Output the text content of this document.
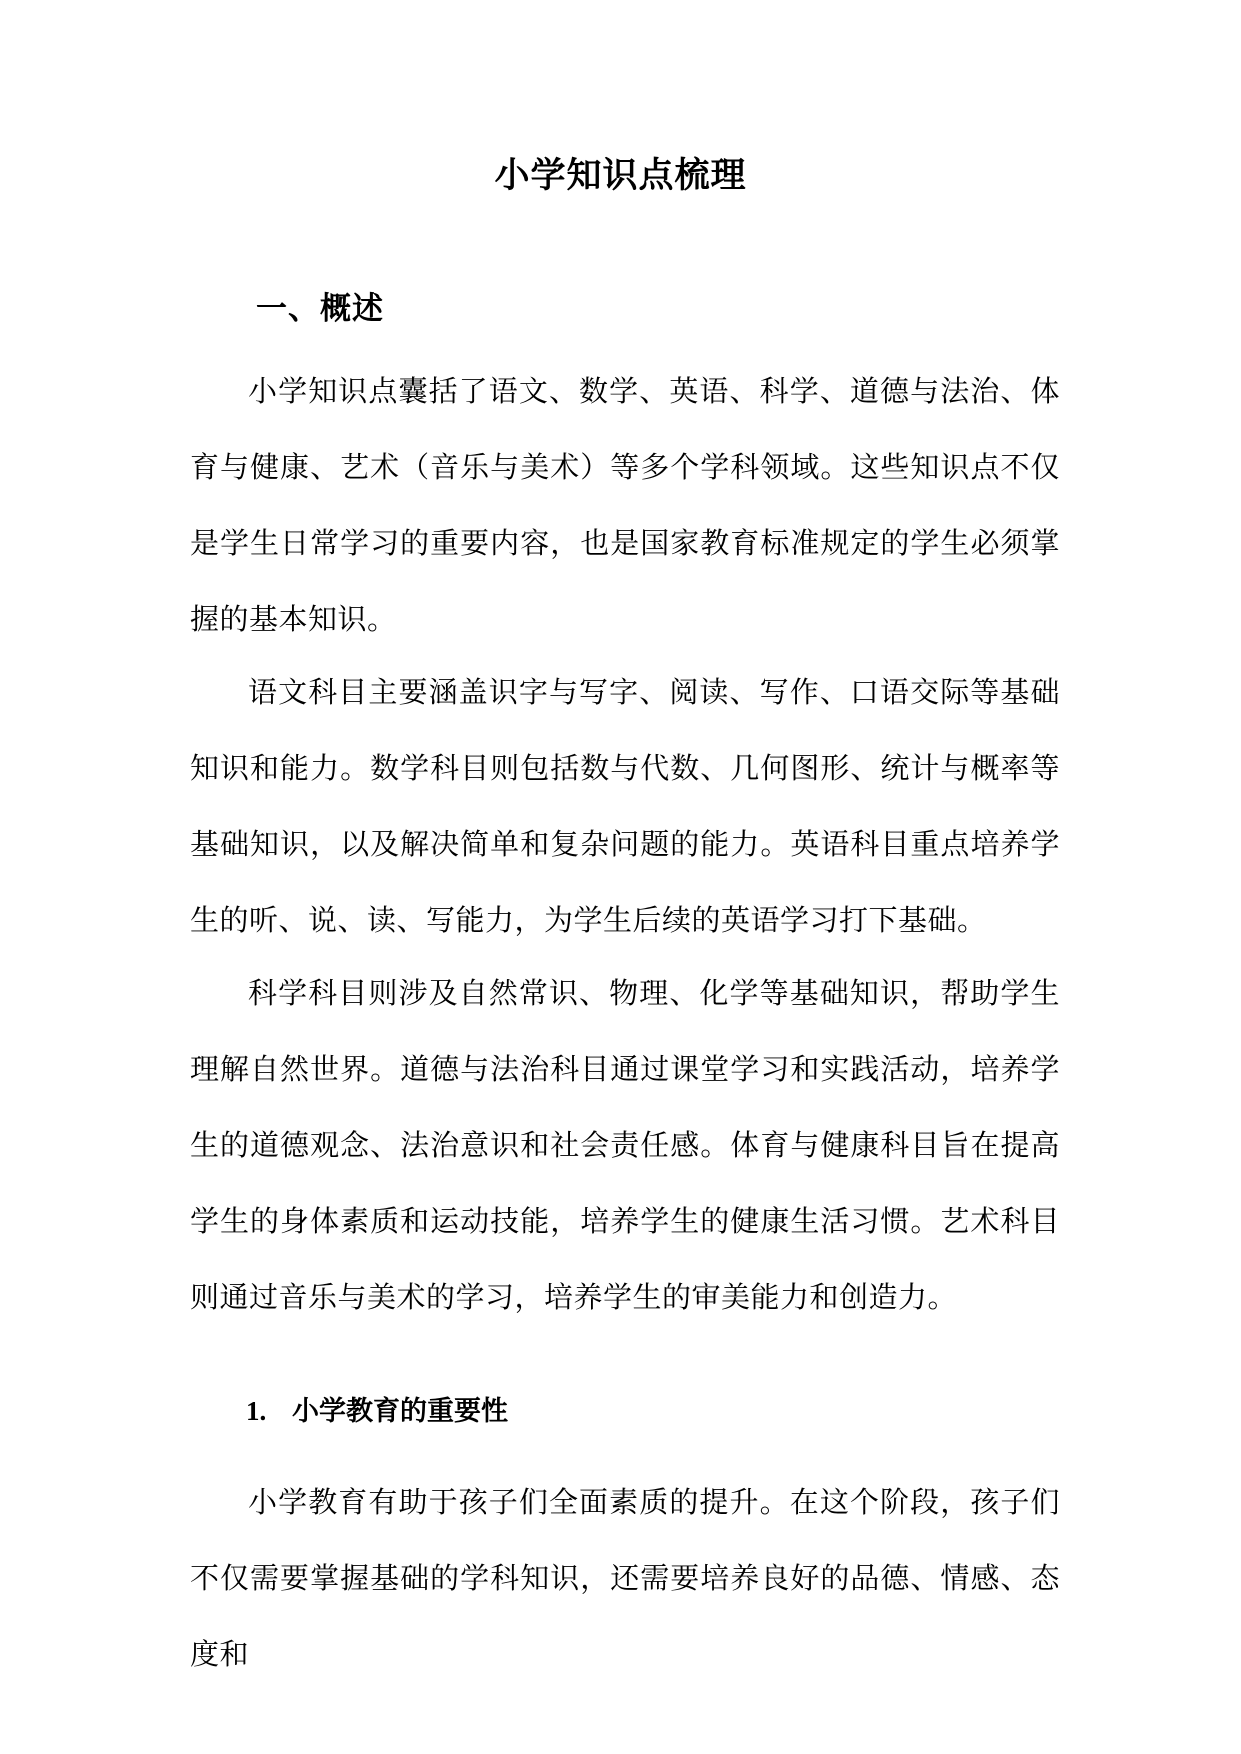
小学知识点梳理
一、概述

小学知识点囊括了语文、数学、英语、科学、道德与法治、体育与健康、艺术（音乐与美术）等多个学科领域。这些知识点不仅是学生日常学习的重要内容，也是国家教育标准规定的学生必须掌握的基本知识。

语文科目主要涵盖识字与写字、阅读、写作、口语交际等基础知识和能力。数学科目则包括数与代数、几何图形、统计与概率等基础知识，以及解决简单和复杂问题的能力。英语科目重点培养学生的听、说、读、写能力，为学生后续的英语学习打下基础。

科学科目则涉及自然常识、物理、化学等基础知识，帮助学生理解自然世界。道德与法治科目通过课堂学习和实践活动，培养学生的道德观念、法治意识和社会责任感。体育与健康科目旨在提高学生的身体素质和运动技能，培养学生的健康生活习惯。艺术科目则通过音乐与美术的学习，培养学生的审美能力和创造力。

1. 小学教育的重要性

小学教育有助于孩子们全面素质的提升。在这个阶段，孩子们不仅需要掌握基础的学科知识，还需要培养良好的品德、情感、态度和
